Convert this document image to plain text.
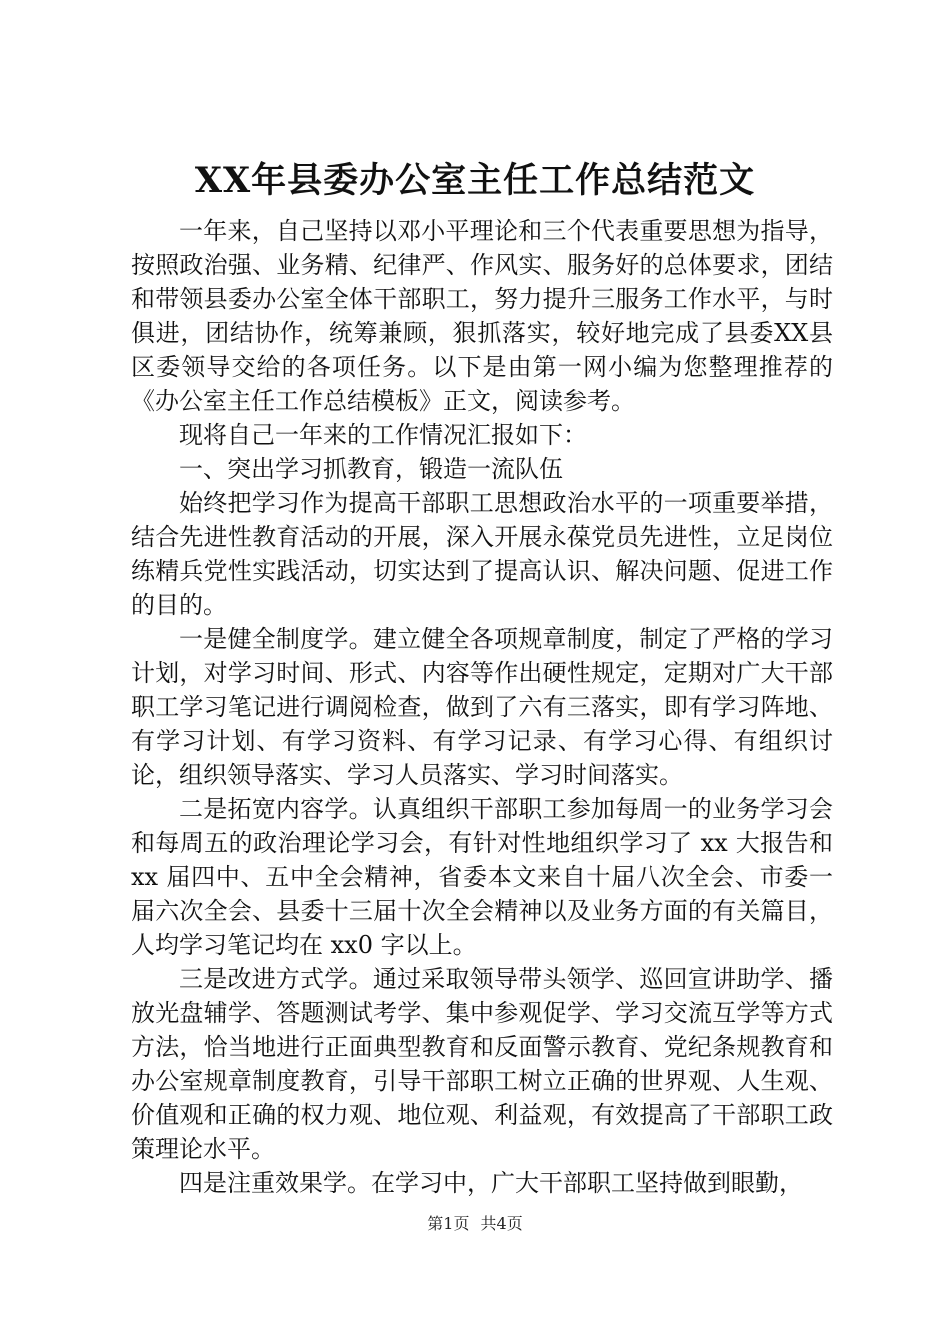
XX年县委办公室主任工作总结范文

一年来，自己坚持以邓小平理论和三个代表重要思想为指导，按照政治强、业务精、纪律严、作风实、服务好的总体要求，团结和带领县委办公室全体干部职工，努力提升三服务工作水平，与时俱进，团结协作，统筹兼顾，狠抓落实，较好地完成了县委XX县区委领导交给的各项任务。以下是由第一网小编为您整理推荐的《办公室主任工作总结模板》正文，阅读参考。

现将自己一年来的工作情况汇报如下：

一、突出学习抓教育，锻造一流队伍

始终把学习作为提高干部职工思想政治水平的一项重要举措，结合先进性教育活动的开展，深入开展永葆党员先进性，立足岗位练精兵党性实践活动，切实达到了提高认识、解决问题、促进工作的目的。

一是健全制度学。建立健全各项规章制度，制定了严格的学习计划，对学习时间、形式、内容等作出硬性规定，定期对广大干部职工学习笔记进行调阅检查，做到了六有三落实，即有学习阵地、有学习计划、有学习资料、有学习记录、有学习心得、有组织讨论，组织领导落实、学习人员落实、学习时间落实。

二是拓宽内容学。认真组织干部职工参加每周一的业务学习会和每周五的政治理论学习会，有针对性地组织学习了 xx 大报告和 xx 届四中、五中全会精神，省委本文来自十届八次全会、市委一届六次全会、县委十三届十次全会精神以及业务方面的有关篇目，人均学习笔记均在 xx0 字以上。

三是改进方式学。通过采取领导带头领学、巡回宣讲助学、播放光盘辅学、答题测试考学、集中参观促学、学习交流互学等方式方法，恰当地进行正面典型教育和反面警示教育、党纪条规教育和办公室规章制度教育，引导干部职工树立正确的世界观、人生观、价值观和正确的权力观、地位观、利益观，有效提高了干部职工政策理论水平。

四是注重效果学。在学习中，广大干部职工坚持做到眼勤，

第1页 共4页
